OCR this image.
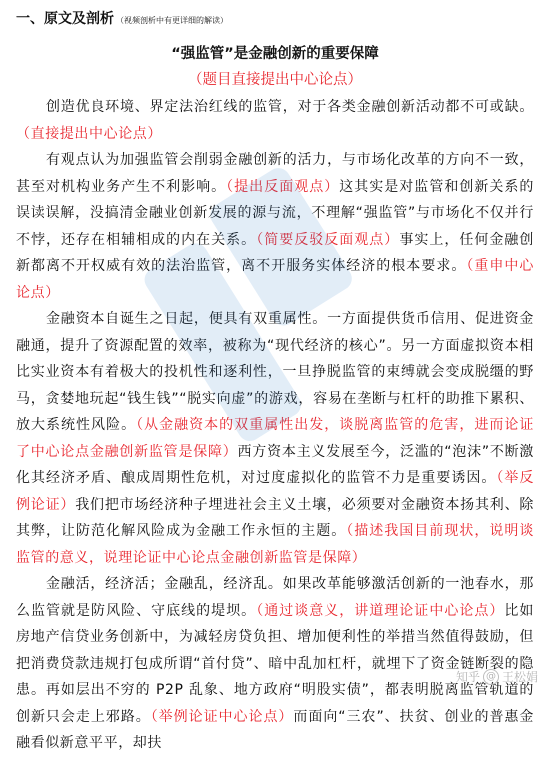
一、原文及剖析 （视频剖析中有更详细的解读）
“强监管”是金融创新的重要保障
（题目直接提出中心论点）

创造优良环境、界定法治红线的监管，对于各类金融创新活动都不可或缺。（直接提出中心论点）

有观点认为加强监管会削弱金融创新的活力，与市场化改革的方向不一致，甚至对机构业务产生不利影响。（提出反面观点）这其实是对监管和创新关系的误读误解，没搞清金融业创新发展的源与流，不理解“强监管”与市场化不仅并行不悖，还存在相辅相成的内在关系。（简要反驳反面观点）事实上，任何金融创新都离不开权威有效的法治监管，离不开服务实体经济的根本要求。（重申中心论点）

金融资本自诞生之日起，便具有双重属性。一方面提供货币信用、促进资金融通，提升了资源配置的效率，被称为“现代经济的核心”。另一方面虚拟资本相比实业资本有着极大的投机性和逐利性，一旦挣脱监管的束缚就会变成脱缰的野马，贪婪地玩起“钱生钱”“脱实向虚”的游戏，容易在垄断与杠杆的助推下累积、放大系统性风险。（从金融资本的双重属性出发，谈脱离监管的危害，进而论证了中心论点金融创新监管是保障）西方资本主义发展至今，泛滥的“泡沫”不断激化其经济矛盾、酿成周期性危机，对过度虚拟化的监管不力是重要诱因。（举反例论证）我们把市场经济种子埋进社会主义土壤，必须要对金融资本扬其利、除其弊，让防范化解风险成为金融工作永恒的主题。（描述我国目前现状，说明谈监管的意义，说理论证中心论点金融创新监管是保障）

金融活，经济活；金融乱，经济乱。如果改革能够激活创新的一池春水，那么监管就是防风险、守底线的堤坝。（通过谈意义，讲道理论证中心论点）比如房地产信贷业务创新中，为减轻房贷负担、增加便利性的举措当然值得鼓励，但把消费贷款违规打包成所谓“首付贷”、暗中乱加杠杆，就埋下了资金链断裂的隐患。再如层出不穷的 P2P 乱象、地方政府“明股实债”，都表明脱离监管轨道的创新只会走上邪路。（举例论证中心论点）而面向“三农”、扶贫、创业的普惠金融看似新意平平，却扶

知乎 @ 王松娟
